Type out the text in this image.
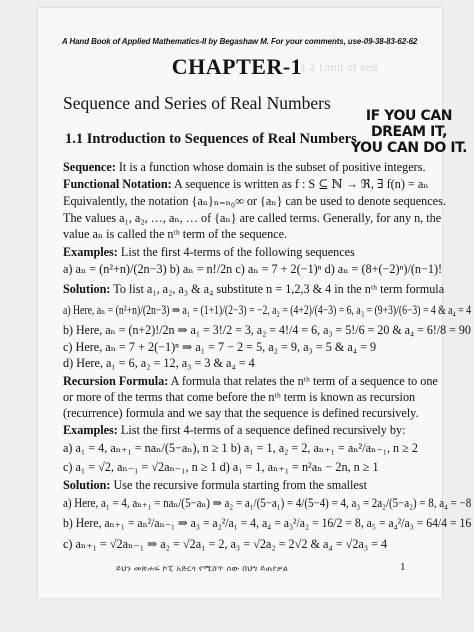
1.2 Limit of seq
A Hand Book of Applied Mathematics-II by Begashaw M. For your comments, use-09-38-83-62-62
CHAPTER-1
Sequence and Series of Real Numbers
IF YOU CAN
DREAM IT,
YOU CAN DO IT.
1.1 Introduction to Sequences of Real Numbers
Sequence: It is a function whose domain is the subset of positive integers.
Functional Notation: A sequence is written as f : S ⊆ ℕ → ℜ, ∃ f(n) = aₙ
Equivalently, the notation {aₙ}ₙ₌ₙ₀∞ or {aₙ} can be used to denote sequences.
The values a₁, a₂, …, aₙ, … of {aₙ} are called terms. Generally, for any n, the
value aₙ is called the nᵗʰ term of the sequence.
Examples: List the first 4-terms of the following sequences
a) aₙ = (n²+n)/(2n−3) b) aₙ = n!/2n c) aₙ = 7 + 2(−1)ⁿ d) aₙ = (8+(−2)ⁿ)/(n−1)!
Solution: To list a₁, a₂, a₃ & a₄ substitute n = 1,2,3 & 4 in the nᵗʰ term formula
a) Here, aₙ = (n²+n)/(2n−3) ⇒ a₁ = (1+1)/(2−3) = −2, a₂ = (4+2)/(4−3) = 6, a₃ = (9+3)/(6−3) = 4 & a₄ = 4
b) Here, aₙ = (n+2)!/2n ⇒ a₁ = 3!/2 = 3, a₂ = 4!/4 = 6, a₃ = 5!/6 = 20 & a₄ = 6!/8 = 90
c) Here, aₙ = 7 + 2(−1)ⁿ ⇒ a₁ = 7 − 2 = 5, a₂ = 9, a₃ = 5 & a₄ = 9
d) Here, a₁ = 6, a₂ = 12, a₃ = 3 & a₄ = 4
Recursion Formula: A formula that relates the nᵗʰ term of a sequence to one
or more of the terms that come before the nᵗʰ term is known as recursion
(recurrence) formula and we say that the sequence is defined recursively.
Examples: List the first 4-terms of a sequence defined recursively by:
a) a₁ = 4, aₙ₊₁ = naₙ/(5−aₙ), n ≥ 1 b) a₁ = 1, a₂ = 2, aₙ₊₁ = aₙ²/aₙ₋₁, n ≥ 2
c) a₁ = √2, aₙ₋₁ = √2aₙ₋₁, n ≥ 1 d) a₁ = 1, aₙ₊₁ = n²aₙ − 2n, n ≥ 1
Solution: Use the recursive formula starting from the smallest
a) Here, a₁ = 4, aₙ₊₁ = naₙ/(5−aₙ) ⇒ a₂ = a₁/(5−a₁) = 4/(5−4) = 4, a₃ = 2a₂/(5−a₂) = 8, a₄ = −8
b) Here, aₙ₊₁ = aₙ²/aₙ₋₁ ⇒ a₃ = a₂²/a₁ = 4, a₄ = a₃²/a₂ = 16/2 = 8, a₅ = a₄²/a₃ = 64/4 = 16
c) aₙ₊₁ = √2aₙ₋₁ ⇒ a₂ = √2a₁ = 2, a₃ = √2a₂ = 2√2 & a₄ = √2a₃ = 4
ይህን መጽሐፍ ኮፒ አድርጎ የሚሸጥ ሰው በህግ ይጠየቃል	1
